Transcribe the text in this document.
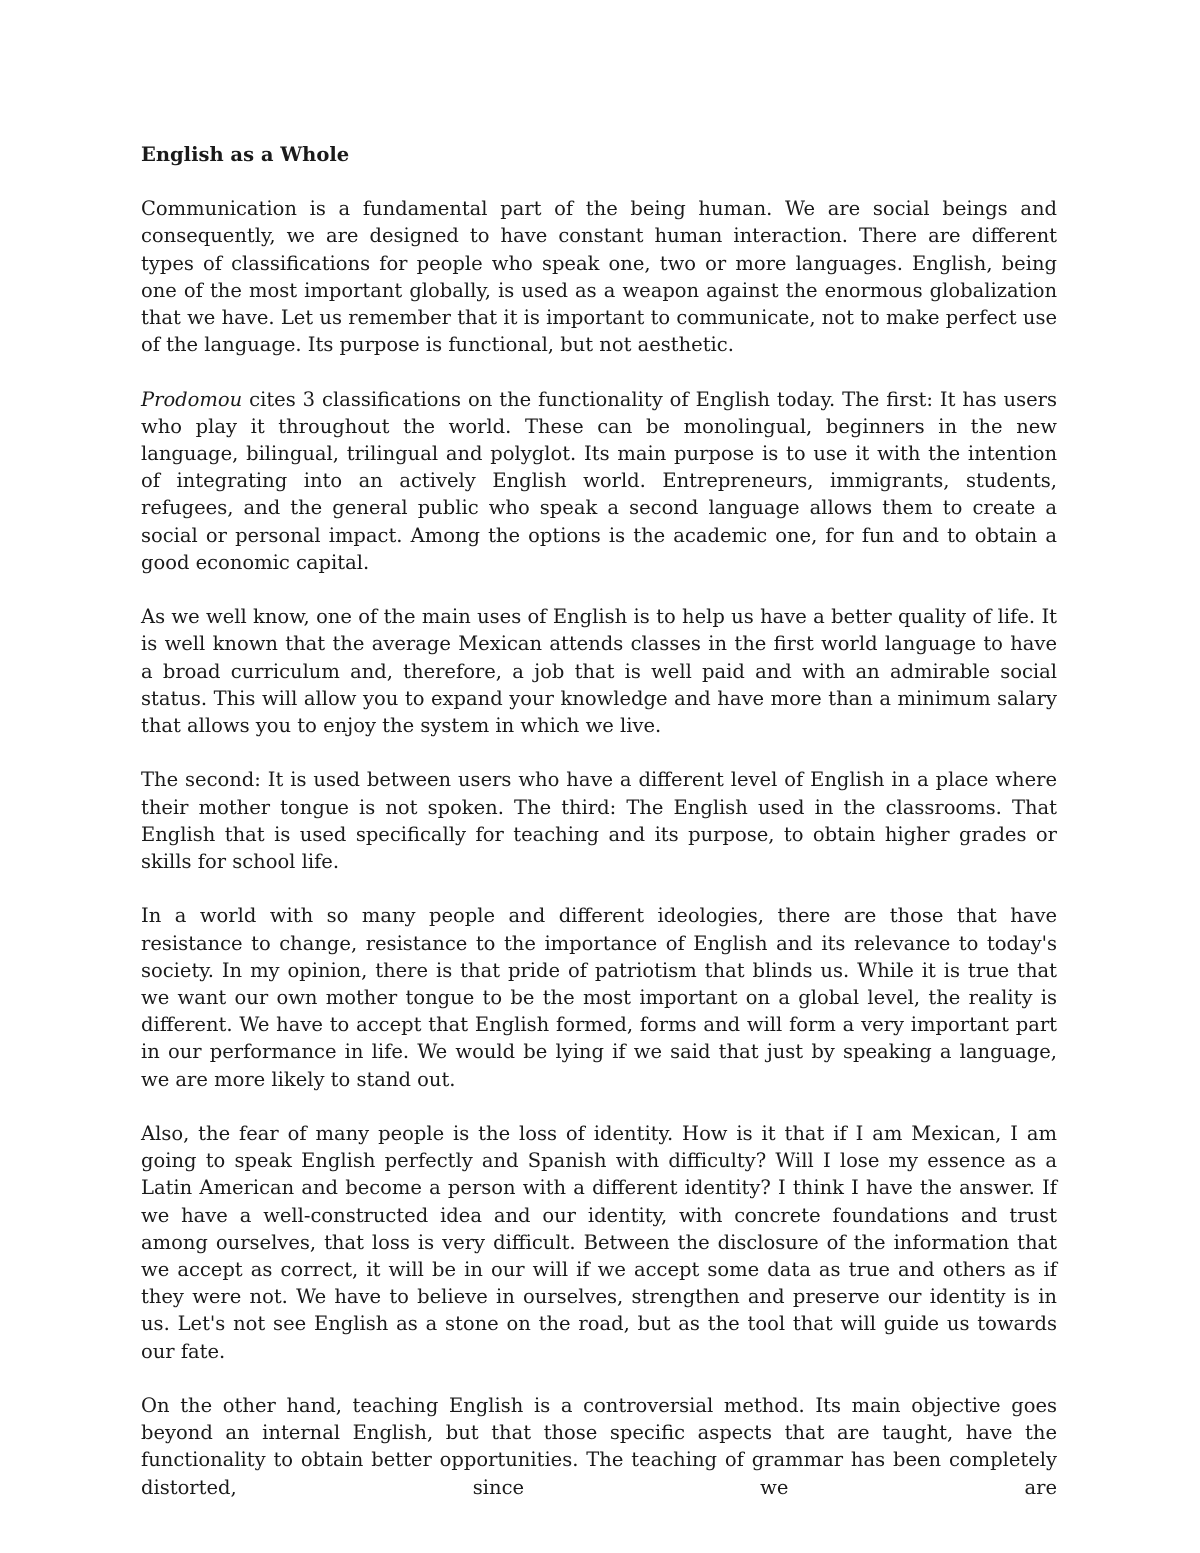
English as a Whole

Communication is a fundamental part of the being human. We are social beings and consequently, we are designed to have constant human interaction. There are different types of classifications for people who speak one, two or more languages. English, being one of the most important globally, is used as a weapon against the enormous globalization that we have. Let us remember that it is important to communicate, not to make perfect use of the language. Its purpose is functional, but not aesthetic.

Prodomou cites 3 classifications on the functionality of English today. The first: It has users who play it throughout the world. These can be monolingual, beginners in the new language, bilingual, trilingual and polyglot. Its main purpose is to use it with the intention of integrating into an actively English world. Entrepreneurs, immigrants, students, refugees, and the general public who speak a second language allows them to create a social or personal impact. Among the options is the academic one, for fun and to obtain a good economic capital.

As we well know, one of the main uses of English is to help us have a better quality of life. It is well known that the average Mexican attends classes in the first world language to have a broad curriculum and, therefore, a job that is well paid and with an admirable social status. This will allow you to expand your knowledge and have more than a minimum salary that allows you to enjoy the system in which we live.

The second: It is used between users who have a different level of English in a place where their mother tongue is not spoken. The third: The English used in the classrooms. That English that is used specifically for teaching and its purpose, to obtain higher grades or skills for school life.

In a world with so many people and different ideologies, there are those that have resistance to change, resistance to the importance of English and its relevance to today's society. In my opinion, there is that pride of patriotism that blinds us. While it is true that we want our own mother tongue to be the most important on a global level, the reality is different. We have to accept that English formed, forms and will form a very important part in our performance in life. We would be lying if we said that just by speaking a language, we are more likely to stand out.

Also, the fear of many people is the loss of identity. How is it that if I am Mexican, I am going to speak English perfectly and Spanish with difficulty? Will I lose my essence as a Latin American and become a person with a different identity? I think I have the answer. If we have a well-constructed idea and our identity, with concrete foundations and trust among ourselves, that loss is very difficult. Between the disclosure of the information that we accept as correct, it will be in our will if we accept some data as true and others as if they were not. We have to believe in ourselves, strengthen and preserve our identity is in us. Let's not see English as a stone on the road, but as the tool that will guide us towards our fate.

On the other hand, teaching English is a controversial method. Its main objective goes beyond an internal English, but that those specific aspects that are taught, have the functionality to obtain better opportunities. The teaching of grammar has been completely distorted, since we are
